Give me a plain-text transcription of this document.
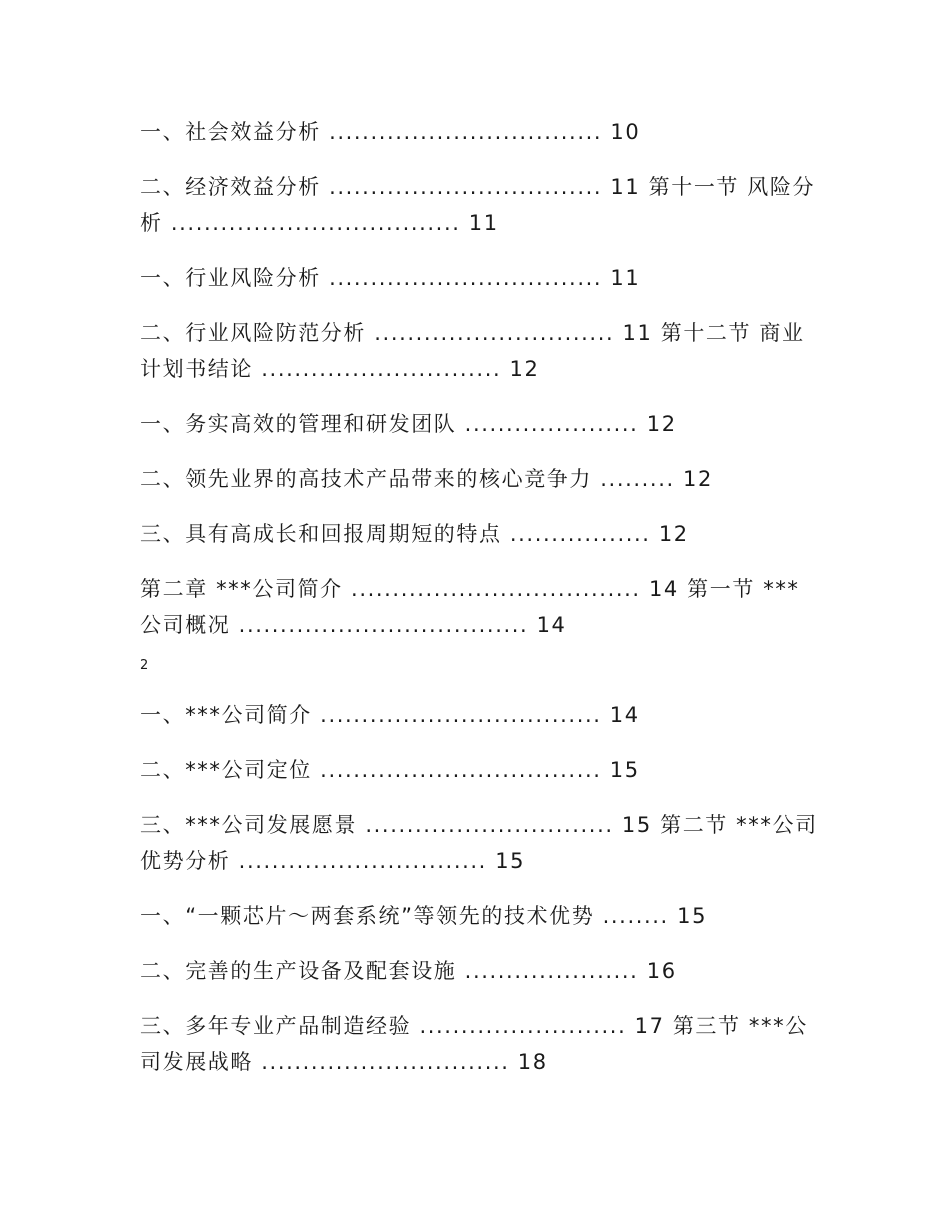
一、社会效益分析 ................................. 10
二、经济效益分析 ................................. 11 第十一节 风险分析 ................................... 11
一、行业风险分析 ................................. 11
二、行业风险防范分析 ............................. 11 第十二节 商业计划书结论 ............................. 12
一、务实高效的管理和研发团队 ..................... 12
二、领先业界的高技术产品带来的核心竞争力 ......... 12
三、具有高成长和回报周期短的特点 ................. 12
第二章 ***公司简介 ................................... 14 第一节 ***公司概况 ................................... 14
2
一、***公司简介 .................................. 14
二、***公司定位 .................................. 15
三、***公司发展愿景 .............................. 15 第二节 ***公司优势分析 .............................. 15
一、“一颗芯片～两套系统”等领先的技术优势 ........ 15
二、完善的生产设备及配套设施 ..................... 16
三、多年专业产品制造经验 ......................... 17 第三节 ***公司发展战略 .............................. 18
